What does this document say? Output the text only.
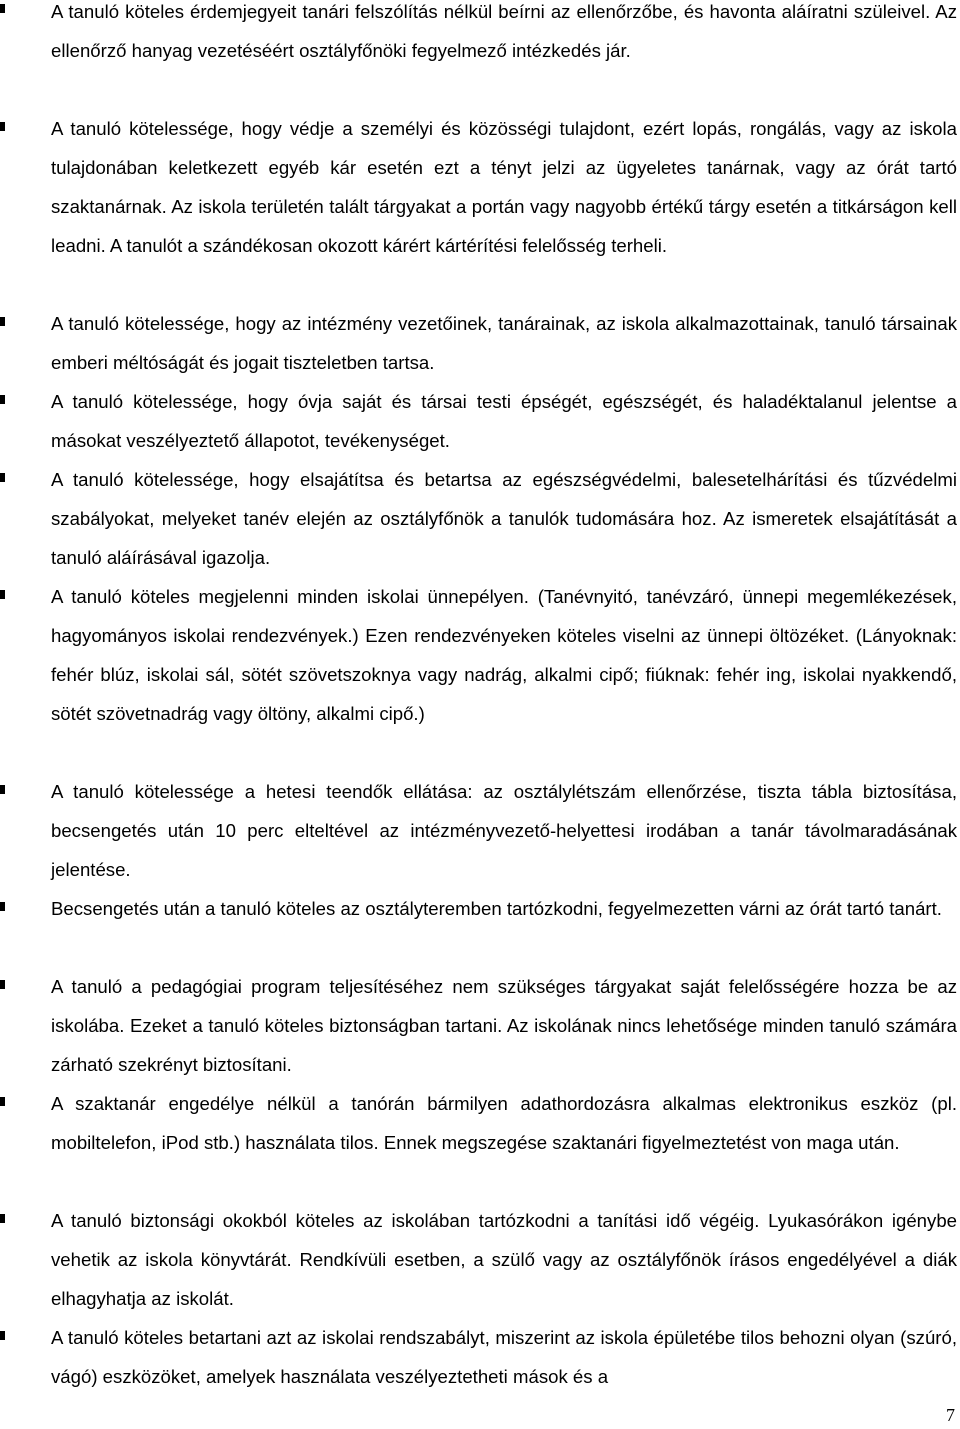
A tanuló köteles érdemjegyeit tanári felszólítás nélkül beírni az ellenőrzőbe, és havonta aláíratni szüleivel. Az ellenőrző hanyag vezetéséért osztályfőnöki fegyelmező intézkedés jár.

A tanuló kötelessége, hogy védje a személyi és közösségi tulajdont, ezért lopás, rongálás, vagy az iskola tulajdonában keletkezett egyéb kár esetén ezt a tényt jelzi az ügyeletes tanárnak, vagy az órát tartó szaktanárnak. Az iskola területén talált tárgyakat a portán vagy nagyobb értékű tárgy esetén a titkárságon kell leadni. A tanulót a szándékosan okozott kárért kártérítési felelősség terheli.

A tanuló kötelessége, hogy az intézmény vezetőinek, tanárainak, az iskola alkalmazottainak, tanuló társainak emberi méltóságát és jogait tiszteletben tartsa.

A tanuló kötelessége, hogy óvja saját és társai testi épségét, egészségét, és haladéktalanul jelentse a másokat veszélyeztető állapotot, tevékenységet.

A tanuló kötelessége, hogy elsajátítsa és betartsa az egészségvédelmi, balesetelhárítási és tűzvédelmi szabályokat, melyeket tanév elején az osztályfőnök a tanulók tudomására hoz. Az ismeretek elsajátítását a tanuló aláírásával igazolja.

A tanuló köteles megjelenni minden iskolai ünnepélyen. (Tanévnyitó, tanévzáró, ünnepi megemlékezések, hagyományos iskolai rendezvények.) Ezen rendezvényeken köteles viselni az ünnepi öltözéket. (Lányoknak: fehér blúz, iskolai sál, sötét szövetszoknya vagy nadrág, alkalmi cipő; fiúknak: fehér ing, iskolai nyakkendő, sötét szövetnadrág vagy öltöny, alkalmi cipő.)

A tanuló kötelessége a hetesi teendők ellátása: az osztálylétszám ellenőrzése, tiszta tábla biztosítása, becsengetés után 10 perc elteltével az intézményvezető-helyettesi irodában a tanár távolmaradásának jelentése.

Becsengetés után a tanuló köteles az osztályteremben tartózkodni, fegyelmezetten várni az órát tartó tanárt.

A tanuló a pedagógiai program teljesítéséhez nem szükséges tárgyakat saját felelősségére hozza be az iskolába. Ezeket a tanuló köteles biztonságban tartani. Az iskolának nincs lehetősége minden tanuló számára zárható szekrényt biztosítani.

A szaktanár engedélye nélkül a tanórán bármilyen adathordozásra alkalmas elektronikus eszköz (pl. mobiltelefon, iPod stb.) használata tilos. Ennek megszegése szaktanári figyelmeztetést von maga után.

A tanuló biztonsági okokból köteles az iskolában tartózkodni a tanítási idő végéig. Lyukasórákon igénybe vehetik az iskola könyvtárát. Rendkívüli esetben, a szülő vagy az osztályfőnök írásos engedélyével a diák elhagyhatja az iskolát.

A tanuló köteles betartani azt az iskolai rendszabályt, miszerint az iskola épületébe tilos behozni olyan (szúró, vágó) eszközöket, amelyek használata veszélyeztetheti mások és a

7
